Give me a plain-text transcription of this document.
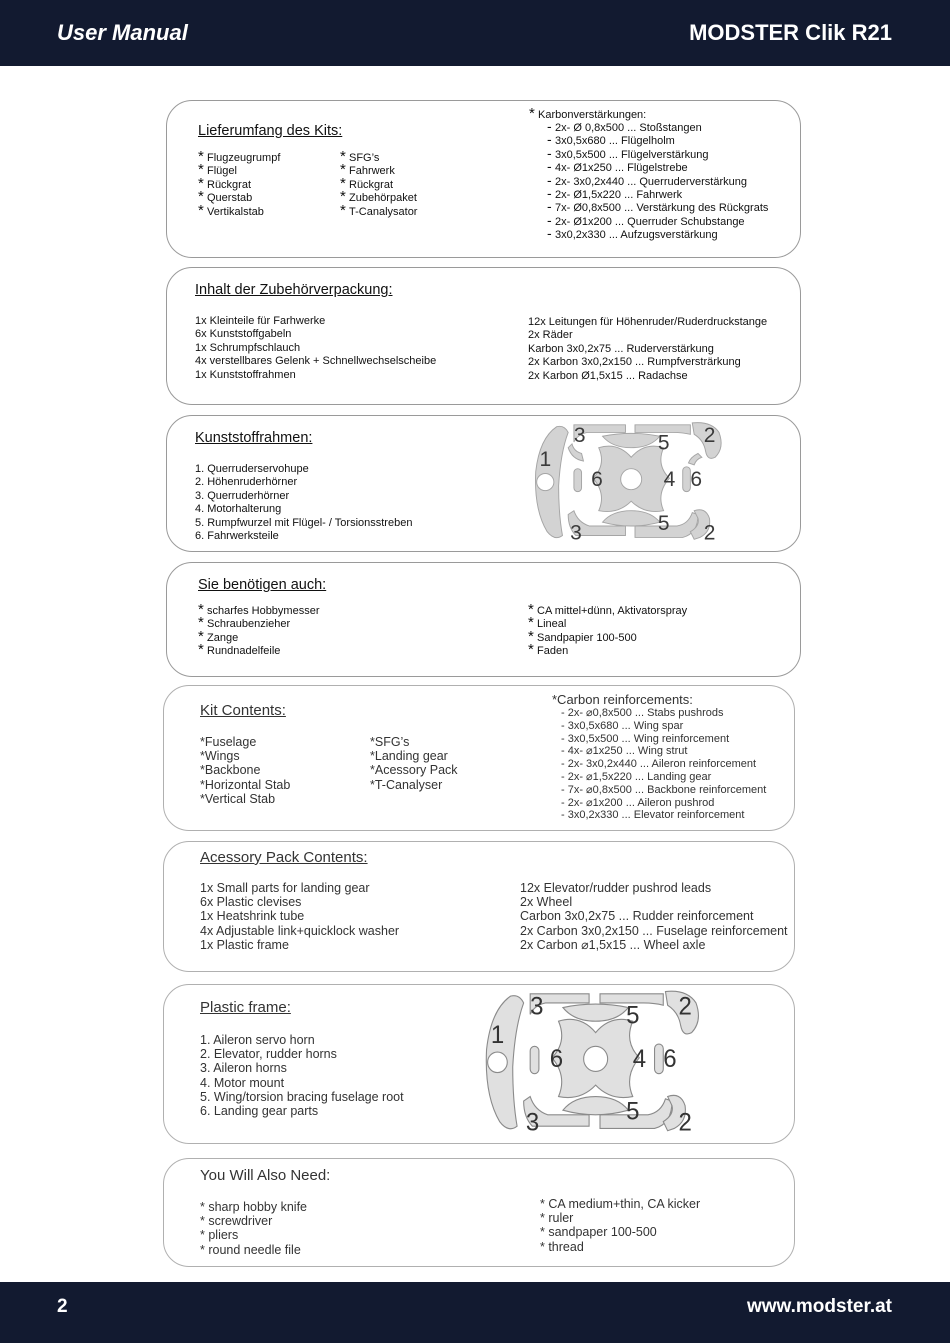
User Manual	MODSTER Clik R21
Lieferumfang des Kits:
* Flugzeugrumpf
* Flügel
* Rückgrat
* Querstab
* Vertikalstab
* SFG’s
* Fahrwerk
* Rückgrat
* Zubehörpaket
* T-Canalysator
* Karbonverstärkungen:
- 2x- Ø 0,8x500 ... Stoßstangen
- 3x0,5x680 ... Flügelholm
- 3x0,5x500 ... Flügelverstärkung
- 4x- Ø1x250 ... Flügelstrebe
- 2x- 3x0,2x440 ... Querruderverstärkung
- 2x- Ø1,5x220 ... Fahrwerk
- 7x- Ø0,8x500 ... Verstärkung des Rückgrats
- 2x- Ø1x200 ... Querruder Schubstange
- 3x0,2x330 ... Aufzugsverstärkung
Inhalt der Zubehörverpackung:
1x Kleinteile für Farhwerke
6x Kunststoffgabeln
1x Schrumpfschlauch
4x verstellbares Gelenk + Schnellwechselscheibe
1x Kunststoffrahmen
12x Leitungen für Höhenruder/Ruderdruckstange
2x Räder
Karbon 3x0,2x75 ... Ruderverstärkung
2x Karbon 3x0,2x150 ... Rumpfversträrkung
2x Karbon Ø1,5x15 ... Radachse
Kunststoffrahmen:
1. Querruderservohupe
2. Höhenruderhörner
3. Querruderhörner
4. Motorhalterung
5. Rumpfwurzel mit Flügel- / Torsionsstreben
6. Fahrwerksteile
1
2
2
3
3
4
5
5
6	6
Sie benötigen auch:
* scharfes Hobbymesser
* Schraubenzieher
* Zange
* Rundnadelfeile
* CA mittel+dünn, Aktivatorspray
* Lineal
* Sandpapier 100-500
* Faden
Kit Contents:
*Fuselage
*Wings
*Backbone
*Horizontal Stab
*Vertical Stab
*SFG’s
*Landing gear
*Acessory Pack
*T-Canalyser
*Carbon reinforcements:
- 2x- ⌀0,8x500 ... Stabs pushrods
- 3x0,5x680 ... Wing spar
- 3x0,5x500 ... Wing reinforcement
- 4x- ⌀1x250 ... Wing strut
- 2x- 3x0,2x440 ... Aileron reinforcement
- 2x- ⌀1,5x220 ... Landing gear
- 7x- ⌀0,8x500 ... Backbone reinforcement
- 2x- ⌀1x200 ... Aileron pushrod
- 3x0,2x330 ... Elevator reinforcement
Acessory Pack Contents:
1x Small parts for landing gear
6x Plastic clevises
1x Heatshrink tube
4x Adjustable link+quicklock washer
1x Plastic frame
12x Elevator/rudder pushrod leads
2x Wheel
Carbon 3x0,2x75 ... Rudder reinforcement
2x Carbon 3x0,2x150 ... Fuselage reinforcement
2x Carbon ⌀1,5x15 ... Wheel axle
Plastic frame:
1. Aileron servo horn
2. Elevator, rudder horns
3. Aileron horns
4. Motor mount
5. Wing/torsion bracing fuselage root
6. Landing gear parts
1
2
2
3
3
4
5
5
6	6
You Will Also Need:
* sharp hobby knife
* screwdriver
* pliers
* round needle file
* CA medium+thin, CA kicker
* ruler
* sandpaper 100-500
* thread
2	www.modster.at
